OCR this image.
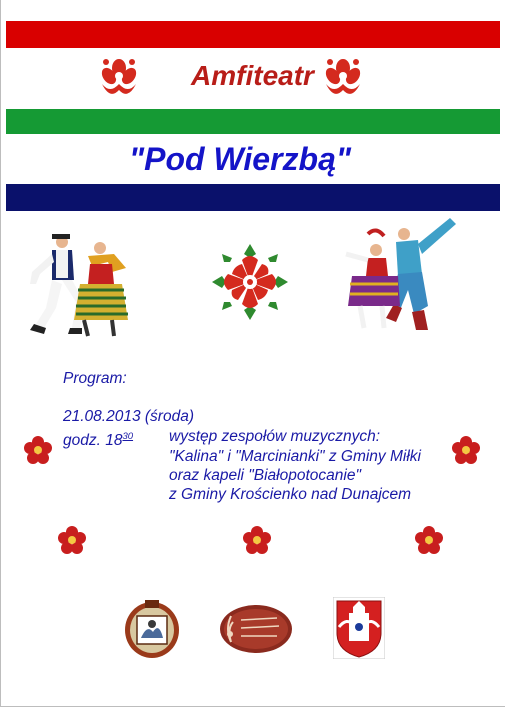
Amfiteatr
"Pod Wierzbą"
Program:
21.08.2013 (środa)
godz. $18^{30}$ występ zespołów muzycznych:
"Kalina" i "Marcinianki" z Gminy Miłki
oraz kapeli "Białopotocanie"
z Gminy Krościenko nad Dunajcem
